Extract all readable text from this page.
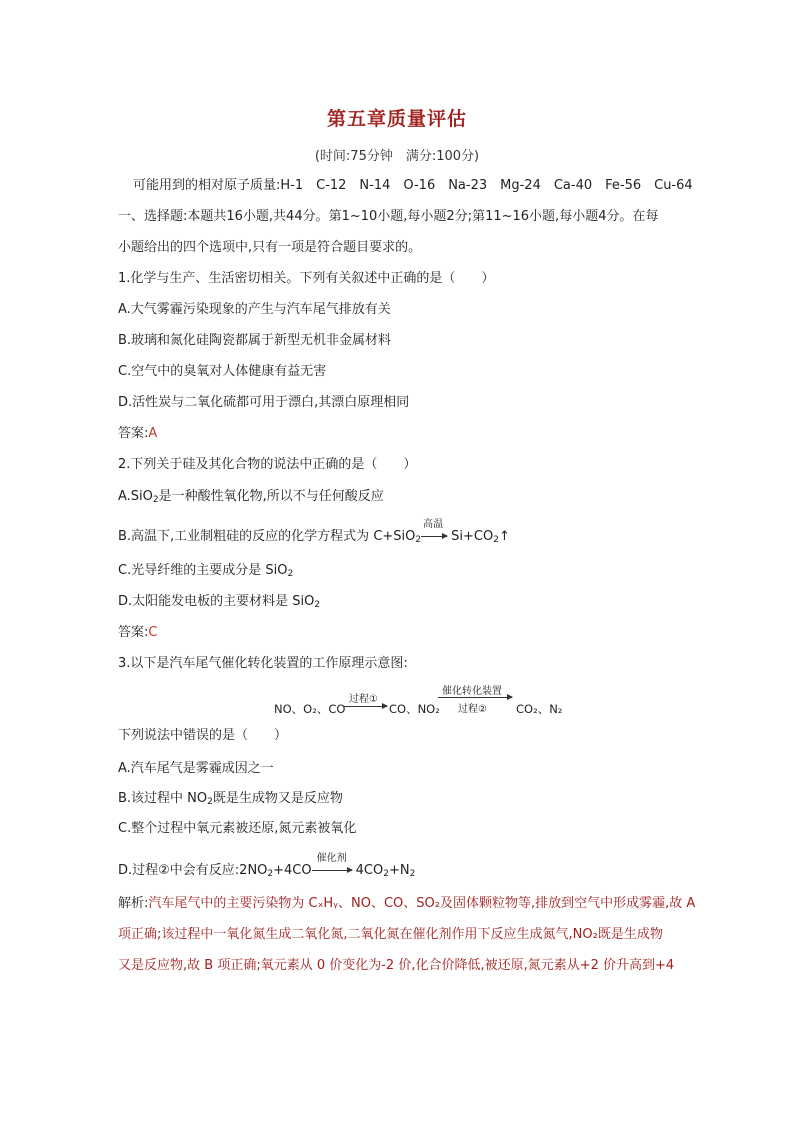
第五章质量评估
(时间:75分钟　满分:100分)
可能用到的相对原子质量:H-1　C-12　N-14　O-16　Na-23　Mg-24　Ca-40　Fe-56　Cu-64
一、选择题:本题共16小题,共44分。第1~10小题,每小题2分;第11~16小题,每小题4分。在每
小题给出的四个选项中,只有一项是符合题目要求的。
1.化学与生产、生活密切相关。下列有关叙述中正确的是（　　）
A.大气雾霾污染现象的产生与汽车尾气排放有关
B.玻璃和氮化硅陶瓷都属于新型无机非金属材料
C.空气中的臭氧对人体健康有益无害
D.活性炭与二氧化硫都可用于漂白,其漂白原理相同
答案:A
2.下列关于硅及其化合物的说法中正确的是（　　）
A.SiO$_2$是一种酸性氧化物,所以不与任何酸反应
B.高温下,工业制粗硅的反应的化学方程式为 C+SiO$_2$
高温
$Si+CO_2↑$
C.光导纤维的主要成分是 SiO$_2$
D.太阳能发电板的主要材料是 SiO$_2$
答案:C
3.以下是汽车尾气催化转化装置的工作原理示意图:
NO、O₂、CO
过程①
CO、NO₂
催化转化装置
过程②	CO₂、N₂
下列说法中错误的是（　　）
A.汽车尾气是雾霾成因之一
B.该过程中 $NO_2$既是生成物又是反应物
C.整个过程中氧元素被还原,氮元素被氧化
D.过程②中会有反应$:2NO_2+4CO$
催化剂
$4CO_2+N_2$
解析:汽车尾气中的主要污染物为 CₓHᵧ、NO、CO、SO₂及固体颗粒物等,排放到空气中形成雾霾,故 A
项正确;该过程中一氧化氮生成二氧化氮,二氧化氮在催化剂作用下反应生成氮气,NO₂既是生成物
又是反应物,故 B 项正确;氧元素从 0 价变化为-2 价,化合价降低,被还原,氮元素从+2 价升高到+4
